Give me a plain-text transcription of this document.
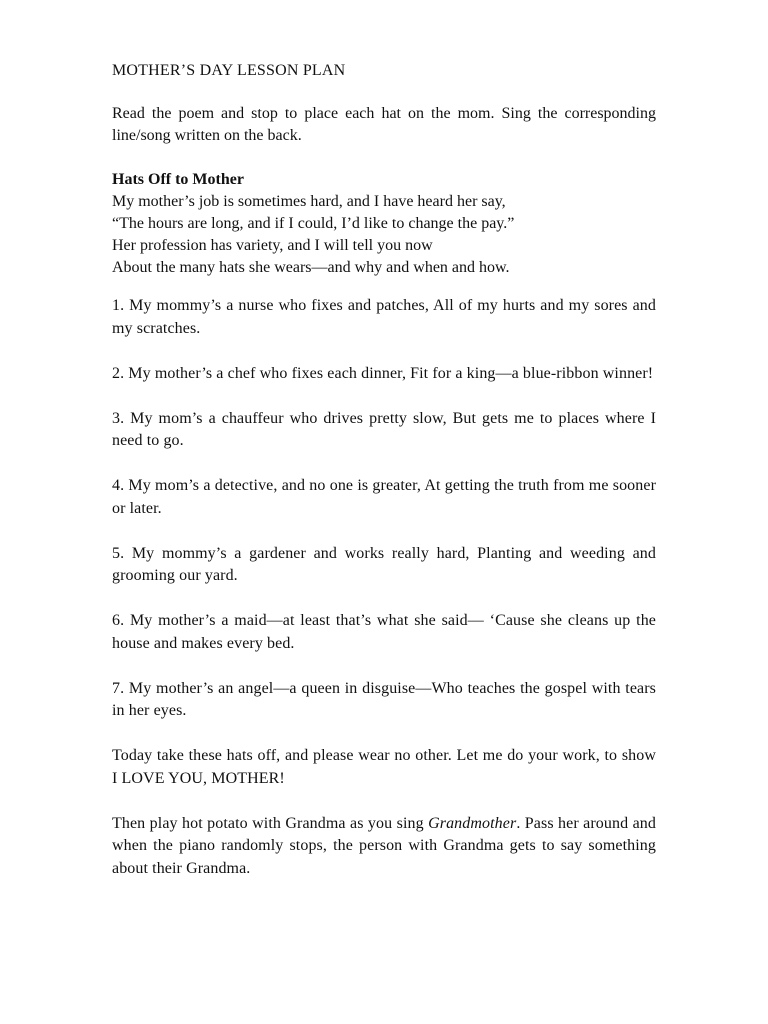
MOTHER’S DAY LESSON PLAN

Read the poem and stop to place each hat on the mom. Sing the corresponding line/song written on the back.

Hats Off to Mother

My mother’s job is sometimes hard, and I have heard her say,

“The hours are long, and if I could, I’d like to change the pay.”

Her profession has variety, and I will tell you now

About the many hats she wears—and why and when and how.

1. My mommy’s a nurse who fixes and patches, All of my hurts and my sores and my scratches.

2. My mother’s a chef who fixes each dinner, Fit for a king—a blue-ribbon winner!

3. My mom’s a chauffeur who drives pretty slow, But gets me to places where I need to go.

4. My mom’s a detective, and no one is greater, At getting the truth from me sooner or later.

5. My mommy’s a gardener and works really hard, Planting and weeding and grooming our yard.

6. My mother’s a maid—at least that’s what she said— ‘Cause she cleans up the house and makes every bed.

7. My mother’s an angel—a queen in disguise—Who teaches the gospel with tears in her eyes.

Today take these hats off, and please wear no other. Let me do your work, to show I LOVE YOU, MOTHER!

Then play hot potato with Grandma as you sing Grandmother. Pass her around and when the piano randomly stops, the person with Grandma gets to say something about their Grandma.
